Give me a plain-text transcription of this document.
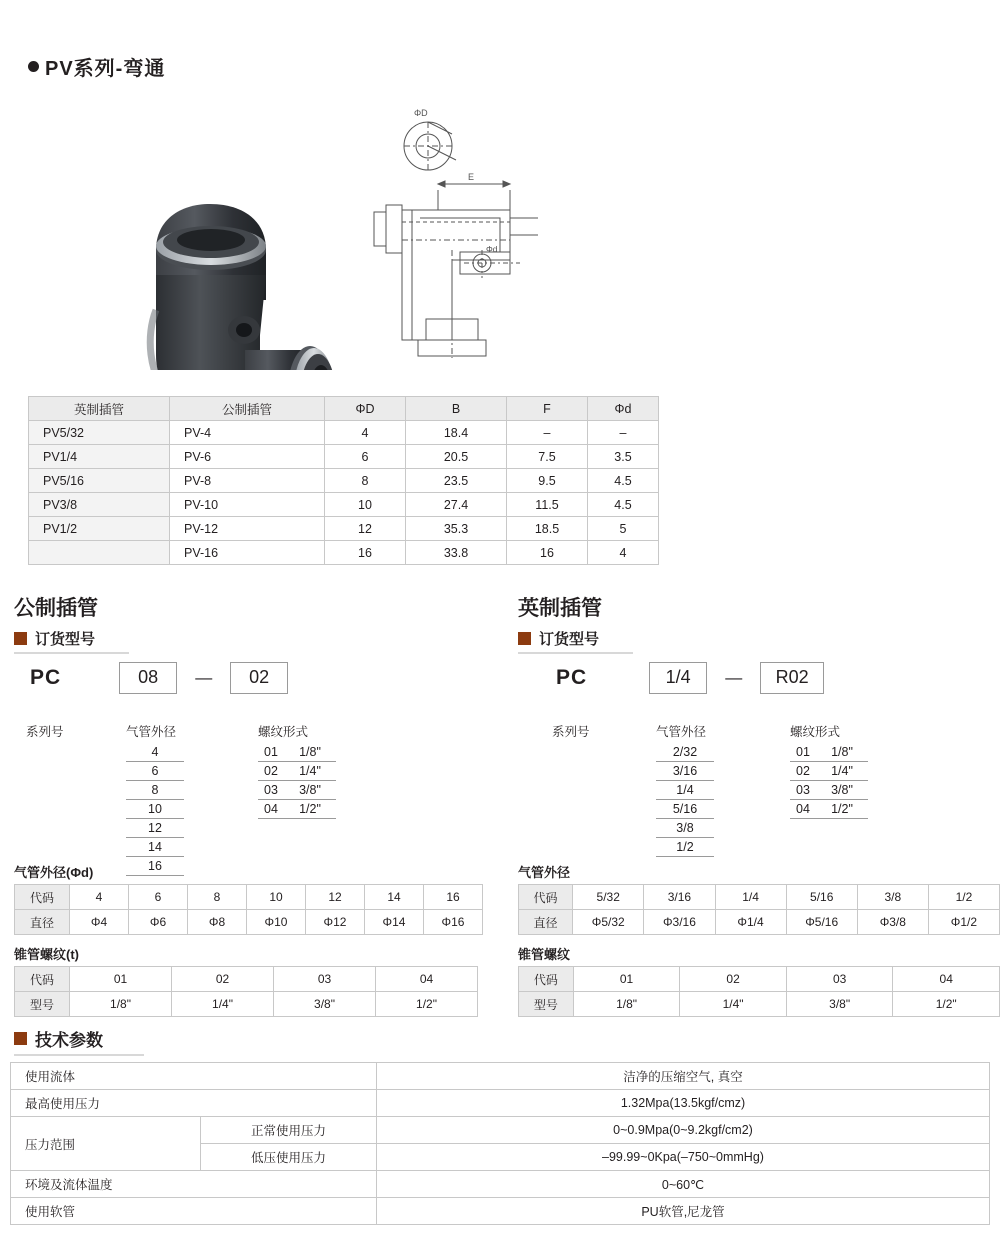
PV系列-弯通
ΦD
E
Φd
英制插管	公制插管	ΦD	B	F	Φd
PV5/32	PV-4	4	18.4	–	–
PV1/4	PV-6	6	20.5	7.5	3.5
PV5/16	PV-8	8	23.5	9.5	4.5
PV3/8	PV-10	10	27.4	11.5	4.5
PV1/2	PV-12	12	35.3	18.5	5
	PV-16	16	33.8	16	4
公制插管
订货型号
PC	08	—	02
系列号	气管外径
4
6
8
10
12
14
16
螺纹形式
01	1/8"
02	1/4"
03	3/8"
04	1/2"
气管外径(Φd)
代码	4	6	8	10	12	14	16
直径	Φ4	Φ6	Φ8	Φ10	Φ12	Φ14	Φ16
锥管螺纹(t)
代码	01	02	03	04
型号	1/8"	1/4"	3/8"	1/2"
英制插管
订货型号
PC	1/4	—	R02
系列号	气管外径
2/32
3/16
1/4
5/16
3/8
1/2
螺纹形式
01	1/8"
02	1/4"
03	3/8"
04	1/2"
气管外径
代码	5/32	3/16	1/4	5/16	3/8	1/2
直径	Φ5/32	Φ3/16	Φ1/4	Φ5/16	Φ3/8	Φ1/2
锥管螺纹
代码	01	02	03	04
型号	1/8"	1/4"	3/8"	1/2"
技术参数
使用流体		洁净的压缩空气, 真空
最高使用压力		1.32Mpa(13.5kgf/cmz)
压力范围	正常使用压力	0~0.9Mpa(0~9.2kgf/cm2)
	低压使用压力	–99.99~0Kpa(–750~0mmHg)
环境及流体温度		0~60℃
使用软管		PU软管,尼龙管
